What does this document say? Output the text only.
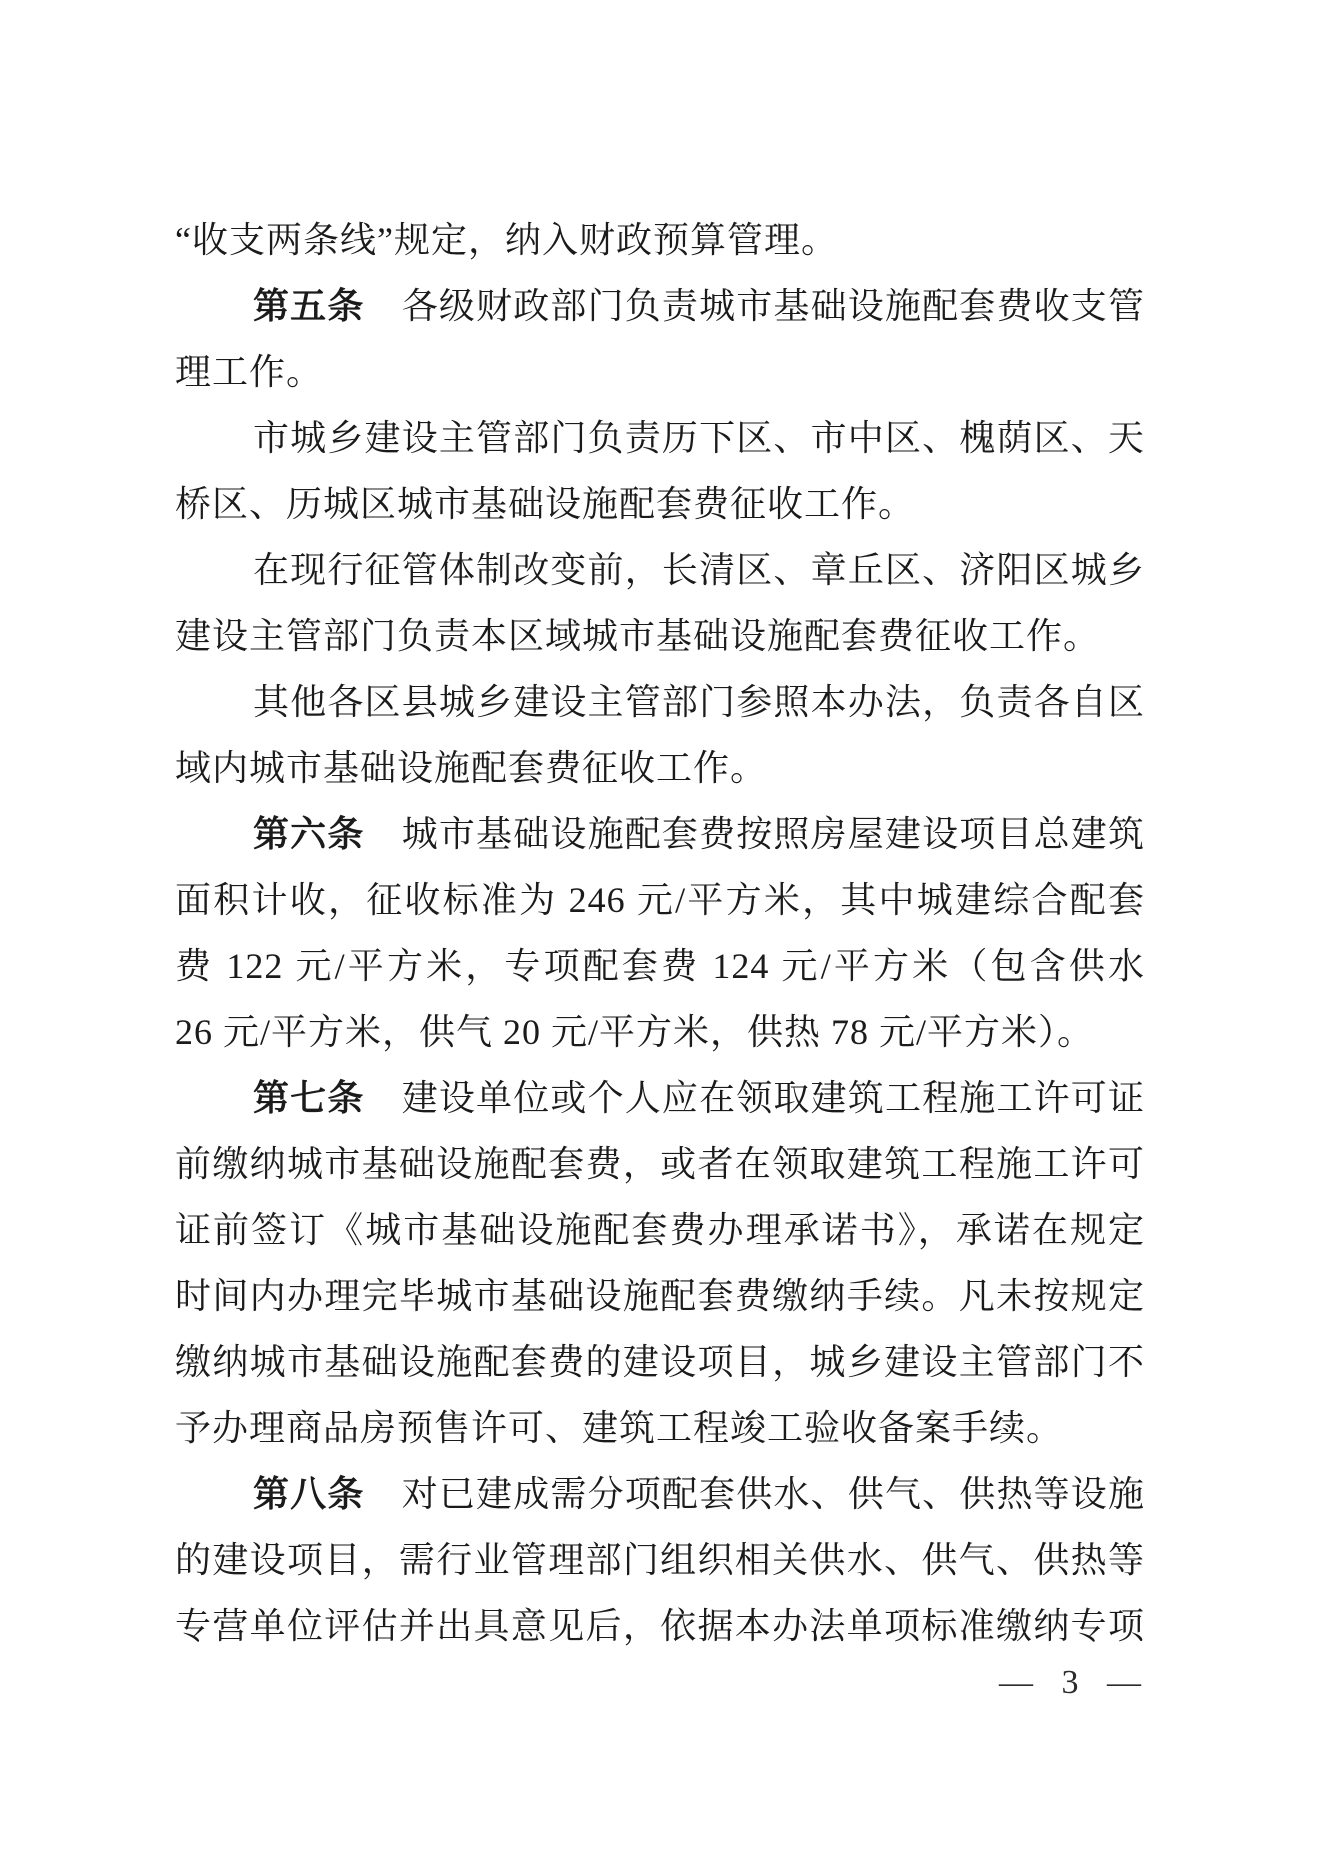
“收支两条线”规定，纳入财政预算管理。
第五条　各级财政部门负责城市基础设施配套费收支管
理工作。
市城乡建设主管部门负责历下区、市中区、槐荫区、天
桥区、历城区城市基础设施配套费征收工作。
在现行征管体制改变前，长清区、章丘区、济阳区城乡
建设主管部门负责本区域城市基础设施配套费征收工作。
其他各区县城乡建设主管部门参照本办法，负责各自区
域内城市基础设施配套费征收工作。
第六条　城市基础设施配套费按照房屋建设项目总建筑
面积计收，征收标准为 246 元/平方米，其中城建综合配套
费 122 元/平方米，专项配套费 124 元/平方米（包含供水
26 元/平方米，供气 20 元/平方米，供热 78 元/平方米）。
第七条　建设单位或个人应在领取建筑工程施工许可证
前缴纳城市基础设施配套费，或者在领取建筑工程施工许可
证前签订《城市基础设施配套费办理承诺书》，承诺在规定
时间内办理完毕城市基础设施配套费缴纳手续。凡未按规定
缴纳城市基础设施配套费的建设项目，城乡建设主管部门不
予办理商品房预售许可、建筑工程竣工验收备案手续。
第八条　对已建成需分项配套供水、供气、供热等设施
的建设项目，需行业管理部门组织相关供水、供气、供热等
专营单位评估并出具意见后，依据本办法单项标准缴纳专项
— 3 —
